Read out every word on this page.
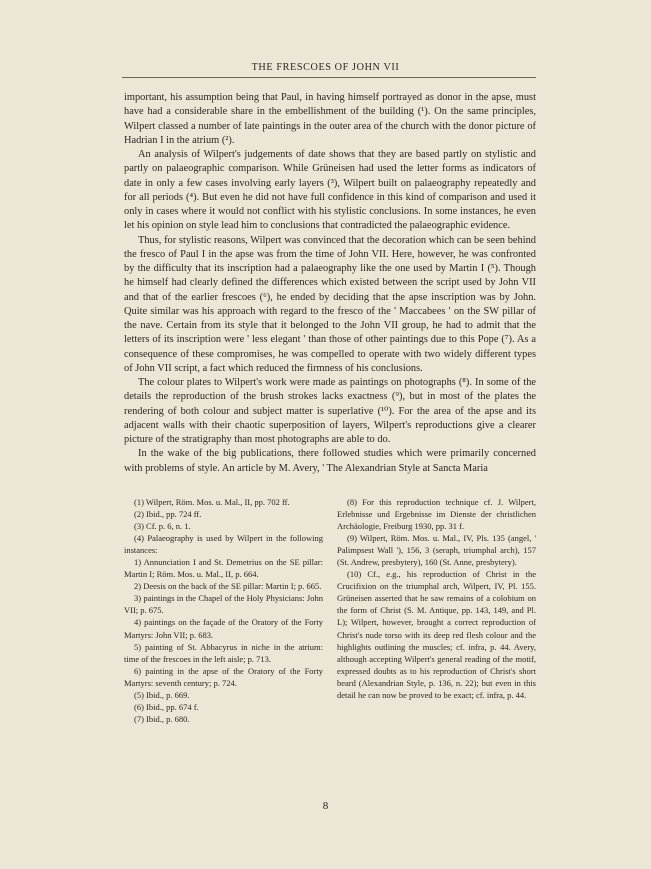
THE FRESCOES OF JOHN VII

important, his assumption being that Paul, in having himself portrayed as donor in the apse, must have had a considerable share in the embellishment of the building (¹). On the same principles, Wilpert classed a number of late paintings in the outer area of the church with the donor picture of Hadrian I in the atrium (²).

An analysis of Wilpert's judgements of date shows that they are based partly on stylistic and partly on palaeographic comparison. While Grüneisen had used the letter forms as indicators of date in only a few cases involving early layers (³), Wilpert built on palaeography repeatedly and for all periods (⁴). But even he did not have full confidence in this kind of comparison and used it only in cases where it would not conflict with his stylistic conclusions. In some instances, he even let his opinion on style lead him to conclusions that contradicted the palaeographic evidence.

Thus, for stylistic reasons, Wilpert was convinced that the decoration which can be seen behind the fresco of Paul I in the apse was from the time of John VII. Here, however, he was confronted by the difficulty that its inscription had a palaeography like the one used by Martin I (⁵). Though he himself had clearly defined the differences which existed between the script used by John VII and that of the earlier frescoes (⁶), he ended by deciding that the apse inscription was by John. Quite similar was his approach with regard to the fresco of the ' Maccabees ' on the SW pillar of the nave. Certain from its style that it belonged to the John VII group, he had to admit that the letters of its inscription were ' less elegant ' than those of other paintings due to this Pope (⁷). As a consequence of these compromises, he was compelled to operate with two widely different types of John VII script, a fact which reduced the firmness of his conclusions.

The colour plates to Wilpert's work were made as paintings on photographs (⁸). In some of the details the reproduction of the brush strokes lacks exactness (⁹), but in most of the plates the rendering of both colour and subject matter is superlative (¹⁰). For the area of the apse and its adjacent walls with their chaotic superposition of layers, Wilpert's reproductions give a clearer picture of the stratigraphy than most photographs are able to do.

In the wake of the big publications, there followed studies which were primarily concerned with problems of style. An article by M. Avery, ' The Alexandrian Style at Sancta Maria

(1) Wilpert, Röm. Mos. u. Mal., II, pp. 702 ff.

(2) Ibid., pp. 724 ff.

(3) Cf. p. 6, n. 1.

(4) Palaeography is used by Wilpert in the following instances:

1) Annunciation I and St. Demetrius on the SE pillar: Martin I; Röm. Mos. u. Mal., II, p. 664.

2) Deesis on the back of the SE pillar: Martin I; p. 665.

3) paintings in the Chapel of the Holy Physicians: John VII; p. 675.

4) paintings on the façade of the Oratory of the Forty Martyrs: John VII; p. 683.

5) painting of St. Abbacyrus in niche in the atrium: time of the frescoes in the left aisle; p. 713.

6) painting in the apse of the Oratory of the Forty Martyrs: seventh century; p. 724.

(5) Ibid., p. 669.

(6) Ibid., pp. 674 f.

(7) Ibid., p. 680.

(8) For this reproduction technique cf. J. Wilpert, Erlebnisse und Ergebnisse im Dienste der christlichen Archäologie, Freiburg 1930, pp. 31 f.

(9) Wilpert, Röm. Mos. u. Mal., IV, Pls. 135 (angel, ' Palimpsest Wall '), 156, 3 (seraph, triumphal arch), 157 (St. Andrew, presbytery), 160 (St. Anne, presbytery).

(10) Cf., e.g., his reproduction of Christ in the Crucifixion on the triumphal arch, Wilpert, IV, Pl. 155. Grüneisen asserted that he saw remains of a colobium on the form of Christ (S. M. Antique, pp. 143, 149, and Pl. L); Wilpert, however, brought a correct reproduction of Christ's nude torso with its deep red flesh colour and the highlights outlining the muscles; cf. infra, p. 44. Avery, although accepting Wilpert's general reading of the motif, expressed doubts as to his reproduction of Christ's short beard (Alexandrian Style, p. 136, n. 22); but even in this detail he can now be proved to be exact; cf. infra, p. 44.

8
